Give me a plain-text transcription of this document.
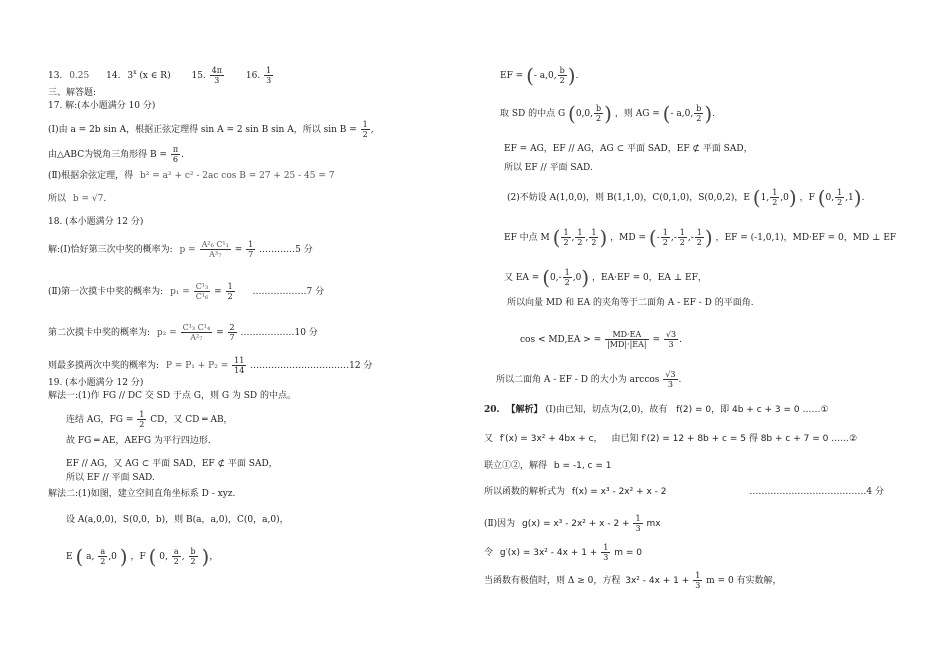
13. 0.25 14. 3$^x$ (x ∈ R) 15. $\frac{4\pi}{3} 16$. $\frac{1}{3}$
三、解答题:
17. 解:(本小题满分 10 分)
(Ⅰ)由 a = 2b sin A，根据正弦定理得 sin A = 2 sin B sin A，所以 $\sin B = \frac{1}{2}$ ,
由△ABC为锐角三角形得 $B = \frac{\pi}{6}$ .
(Ⅱ)根据余弦定理，得 b² = a² + c² - 2ac cos B = 27 + 25 - 45 = 7
所以 b = √7.
18. (本小题满分 12 分)
解:(Ⅰ)恰好第三次中奖的概率为: $p = \frac{\text{A²₆ C¹₁}}{\text{A³₇}} = \frac{1}{7}$ …………5 分
(Ⅱ)第一次摸卡中奖的概率为: $p_1 = \frac{\text{C¹₃}}{\text{C¹₆}} = \frac{1}{2}$ ………………7 分
第二次摸卡中奖的概率为: $p_2 = \frac{\text{C¹₃ C¹₄}}{\text{A²₇}} = \frac{2}{7}$ ………………10 分
则最多摸两次中奖的概率为: $P = P_1 + P_2 = \frac{11}{14}$ ……………………………12 分
19. (本小题满分 12 分)
解法一:(1)作 FG // DC 交 SD 于点 G，则 G 为 SD 的中点。
连结 AG，FG = $\frac{1}{2}$ CD，又 CD ═ AB，
故 FG ═ AE，AEFG 为平行四边形.
EF // AG，又 AG ⊂ 平面 SAD，EF ⊄ 平面 SAD，
所以 EF // 平面 SAD.
解法二:(1)如图，建立空间直角坐标系 D - xyz.
设 A(a,0,0)，S(0,0，b)，则 B(a，a,0)，C(0，a,0)，
E ( a, $\frac{a}{2} ,0$ ) ，F ( 0, $\frac{a}{2}$ , $\frac{b}{2}$ )，
EF = (- a,0, $\frac{b}{2}$ ).
取 SD 的中点 G (0,0, $\frac{b}{2}$ ) ，则 AG = (- a,0, $\frac{b}{2}$ ).
EF = AG，EF // AG，AG ⊂ 平面 SAD，EF ⊄ 平面 SAD，
所以 EF // 平面 SAD.
(2)不妨设 A(1,0,0)，则 B(1,1,0)，C(0,1,0)，S(0,0,2)，E (1, $\frac{1}{2} ,0$) ，F (0, $\frac{1}{2} ,1$).
EF 中点 M ( $\frac{1}{2}$ , $\frac{1}{2}$ , $\frac{1}{2}$ ) ，MD = (- $\frac{1}{2}$ ,- $\frac{1}{2}$ ,- $\frac{1}{2}$ ) ，EF = (-1,0,1)，MD·EF = 0，MD ⊥ EF
又 EA = $(0,- \frac{1}{2} ,0)$ ，EA·EF = 0，EA ⊥ EF，
所以向量 MD 和 EA 的夹角等于二面角 A - EF - D 的平面角.
cos < MD,EA > = $\frac{MD\cdot EA}{|MD|\cdot|EA|} = \frac{√3}{3}$ .
所以二面角 A - EF - D 的大小为 $\arccos \frac{√3}{3}$ .
20. 【解析】 (Ⅰ)由已知，切点为(2,0)，故有 f(2) = 0，即 4b + c + 3 = 0 ……①
又 f′(x) = 3x² + 4bx + c， 由已知 f′(2) = 12 + 8b + c = 5 得 8b + c + 7 = 0 ……②
联立①②，解得 b = -1, c = 1
所以函数的解析式为 f(x) = x³ - 2x² + x - 2	…………………………………4 分
(Ⅱ)因为 $g(x) = x^3 - 2x^2 + x - 2 + \frac{1}{3}$ mx
令 $g'(x) = 3x^2 - 4x + 1 + \frac{1}{3}$ m = 0
当函数有极值时，则 Δ ≥ 0，方程 $3x^2 - 4x + 1 + \frac{1}{3}$ m = 0 有实数解，
